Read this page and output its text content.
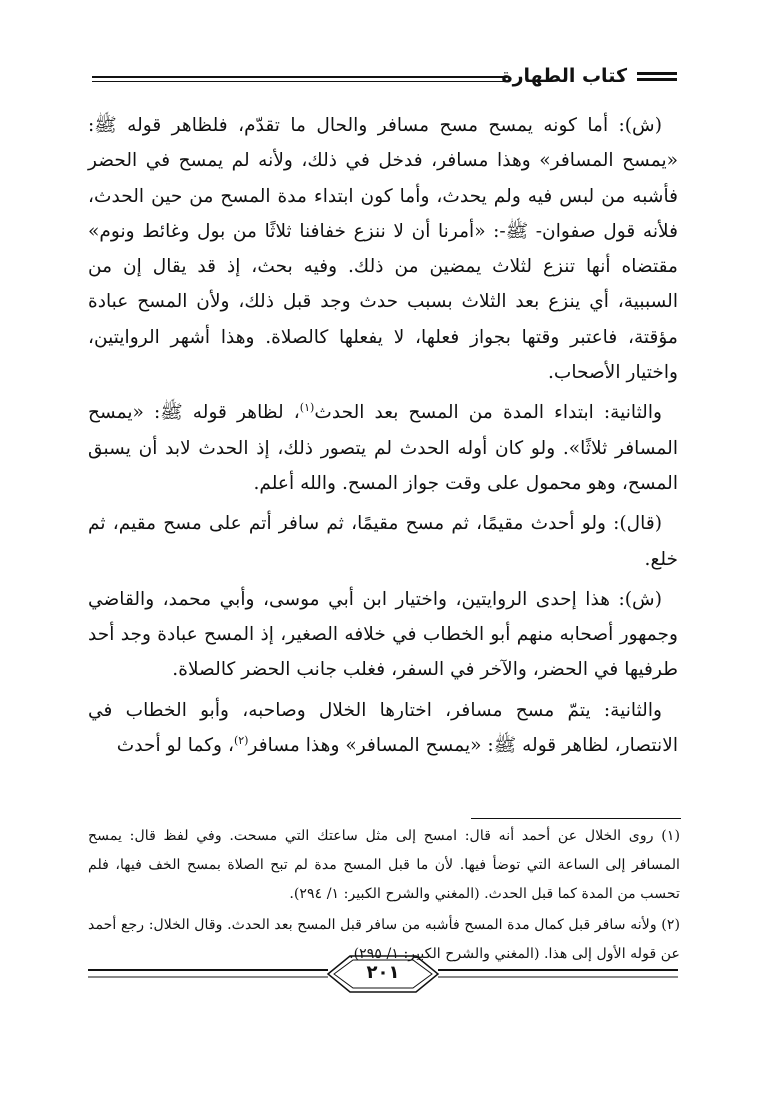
كتاب الطهارة

(ش): أما كونه يمسح مسح مسافر والحال ما تقدّم، فلظاهر قوله ﷺ: «يمسح المسافر» وهذا مسافر، فدخل في ذلك، ولأنه لم يمسح في الحضر فأشبه من لبس فيه ولم يحدث، وأما كون ابتداء مدة المسح من حين الحدث، فلأنه قول صفوان- ﷺ-: «أمرنا أن لا ننزع خفافنا ثلاثًا من بول وغائط ونوم» مقتضاه أنها تنزع لثلاث يمضين من ذلك. وفيه بحث، إذ قد يقال إن من السببية، أي ينزع بعد الثلاث بسبب حدث وجد قبل ذلك، ولأن المسح عبادة مؤقتة، فاعتبر وقتها بجواز فعلها، لا يفعلها كالصلاة. وهذا أشهر الروايتين، واختيار الأصحاب.

والثانية: ابتداء المدة من المسح بعد الحدث$^{(١)}$، لظاهر قوله ﷺ: «يمسح المسافر ثلاثًا». ولو كان أوله الحدث لم يتصور ذلك، إذ الحدث لابد أن يسبق المسح، وهو محمول على وقت جواز المسح. والله أعلم.

(قال): ولو أحدث مقيمًا، ثم مسح مقيمًا، ثم سافر أتم على مسح مقيم، ثم خلع.

(ش): هذا إحدى الروايتين، واختيار ابن أبي موسى، وأبي محمد، والقاضي وجمهور أصحابه منهم أبو الخطاب في خلافه الصغير، إذ المسح عبادة وجد أحد طرفيها في الحضر، والآخر في السفر، فغلب جانب الحضر كالصلاة.

والثانية: يتمّ مسح مسافر، اختارها الخلال وصاحبه، وأبو الخطاب في الانتصار، لظاهر قوله ﷺ: «يمسح المسافر» وهذا مسافر$^{(٢)}$، وكما لو أحدث

(١) روى الخلال عن أحمد أنه قال: امسح إلى مثل ساعتك التي مسحت. وفي لفظ قال: يمسح المسافر إلى الساعة التي توضأ فيها. لأن ما قبل المسح مدة لم تبح الصلاة بمسح الخف فيها، فلم تحسب من المدة كما قبل الحدث. (المغني والشرح الكبير: ١/ ٢٩٤).

(٢) ولأنه سافر قبل كمال مدة المسح فأشبه من سافر قبل المسح بعد الحدث. وقال الخلال: رجع أحمد عن قوله الأول إلى هذا. (المغني والشرح الكبير: ١/ ٢٩٥).

٢٠١
